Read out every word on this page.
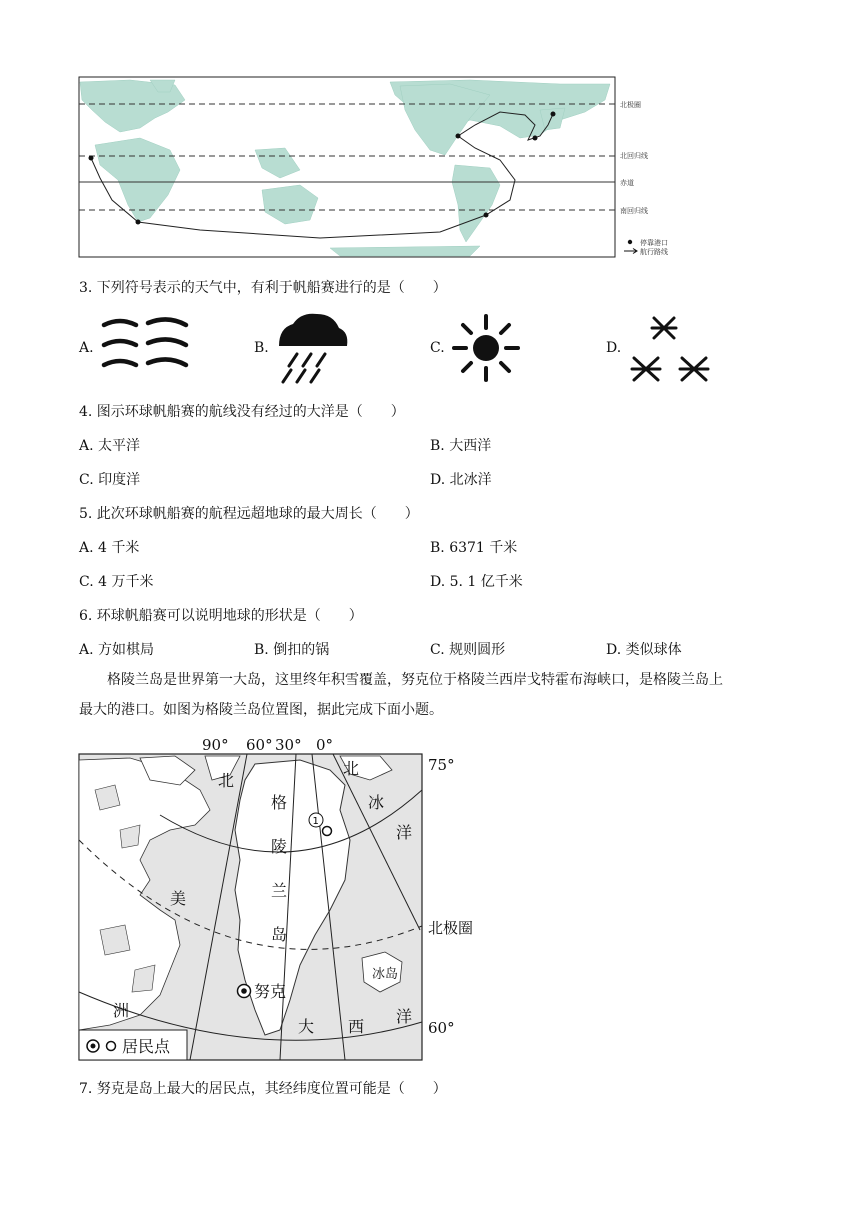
北极圈
北回归线
赤道
南回归线
停靠港口
航行路线
3. 下列符号表示的天气中，有利于帆船赛进行的是（　　）
A.	B.	C.	D.
4. 图示环球帆船赛的航线没有经过的大洋是（　　）
A. 太平洋	B. 大西洋
C. 印度洋	D. 北冰洋
5. 此次环球帆船赛的航程远超地球的最大周长（　　）
A. 4 千米	B. 6371 千米
C. 4 万千米	D. 5. 1 亿千米
6. 环球帆船赛可以说明地球的形状是（　　）
A. 方如棋局	B. 倒扣的锅	C. 规则圆形	D. 类似球体
格陵兰岛是世界第一大岛，这里终年积雪覆盖，努克位于格陵兰西岸戈特霍布海峡口，是格陵兰岛上
最大的港口。如图为格陵兰岛位置图，据此完成下面小题。
90° 60° 30° 0°
75°
60°
北极圈
北
北
冰
洋
格
陵
兰
岛
美
洲
大 西
洋
冰岛
1
努克
居民点
7. 努克是岛上最大的居民点，其经纬度位置可能是（　　）
